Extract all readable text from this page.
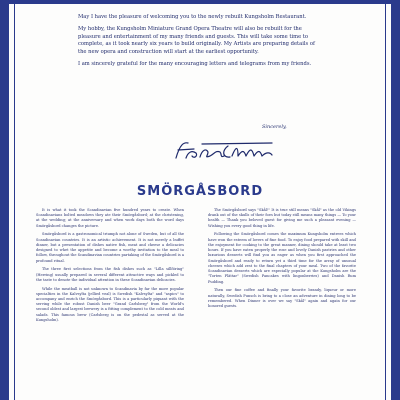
May I have the pleasure of welcoming you to the newly rebuilt Kungsholm Restaurant.

My hobby, the Kungsholm Miniature Grand Opera Theatre will also be rebuilt for the pleasure and entertainment of my many friends and guests. This will take some time to complete, as it took nearly six years to build originally. My Artists are preparing details of the new opera and construction will start at the earliest opportunity.

I am sincerely grateful for the many encouraging letters and telegrams from my friends.

Sincerely,
SMÖRGÅSBORD

It is what it took the Scandinavian five hundred years to create. When Scandinavians bolted meadows they ate their Smörgåsbord; at the christening, at the wedding; at the anniversary and when work days both the word days Smörgåsbord changes the picture.

Smörgåsbord is a gastronomical triumph not alone of Sweden, but of all the Scandinavian countries. It is an artistic achievement. It is not merely a buffet dinner, but a presentation of dishes native fish, meat and cheese a delicacies designed to whet the appetite and become a worthy invitation to the meal to follow, throughout the Scandinavian countries partaking of the Smörgåsbord is a profound ritual.

The three first selections from the fish dishes such as "Lilla sillföring" (Herring) usually prepared in several different attractive ways and pickled to the taste to denote the individual attention in these Scandinavian delicacies.

While the meatball is not unknown to Scandinavia by far the more popular specialties in the Kalvsylta (jellied veal) is Swedish "Kalvsylta" and "aspics" to accompany and enrich the Smörgåsbord. This is a particularly piquant with the serving while the robust Danish beer "Grand Carlsberg" from the World's second oldest and largest brewery is a fitting complement to the cold meats and salads. This famous brew (Carlsberg is on the pedestal as served at the Kungsholm).

The Smörgåsbord says "Skål!" It is true still means "Skål" as the old Vikings drank out of the skulls of their foes but today still means many things — To your health — Thank you beloved guest for giving me such a pleasant evening — Wishing you every good thing in life.

Following the Smörgåsbord comes the maximum Kungsholm entrees which have won the esteem of lovers of fine food. To enjoy food prepared with skill and the enjoyment for cooking to the great manner, dining should take at least two hours. If you have eaten properly the rose and lovely Danish pastries and other luxurious desserts will find you as eager as when you first approached the Smörgåsbord and ready to return yet a third time for the array of unusual cheeses which add zest to the final chapters of your meal. Two of the favorite Scandinavian desserts which are especially popular at the Kungsholm are the "Torten Plättar" (Swedish Pancakes with lingonberries) and Danish Rum Pudding.

Then our fine coffee and finally your favorite brandy, liqueur or more naturally, Swedish Punsch is bring to a close an adventure in dining long to be remembered. When Dinner is over we say "Skål" again and again for our honored guests.
